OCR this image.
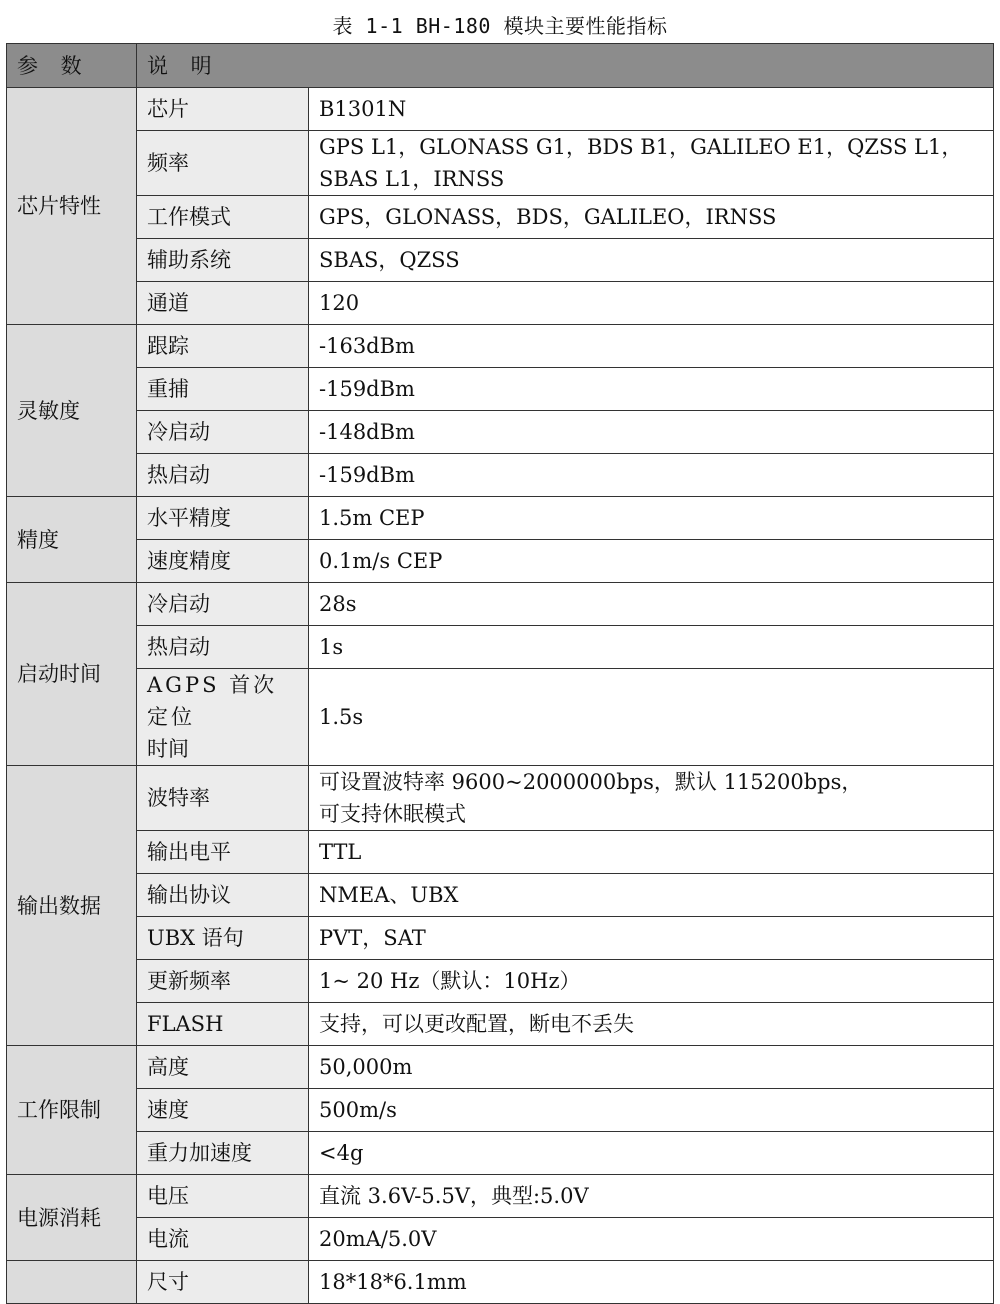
表 1-1 BH-180 模块主要性能指标
参 数	说 明	
芯片特性	芯片	B1301N
	频率	GPS L1，GLONASS G1，BDS B1，GALILEO E1，QZSS L1，
SBAS L1，IRNSS

	工作模式	GPS，GLONASS，BDS，GALILEO，IRNSS
	辅助系统	SBAS，QZSS
	通道	120
灵敏度	跟踪	-163dBm
	重捕	-159dBm
	冷启动	-148dBm
	热启动	-159dBm
精度	水平精度	1.5m CEP
	速度精度	0.1m/s CEP
启动时间	冷启动	28s
	热启动	1s

	AGPS 首次定位
时间	1.5s
输出数据	波特率	可设置波特率 9600~2000000bps，默认 115200bps，
可支持休眠模式

	输出电平	TTL
	输出协议	NMEA、UBX
	UBX 语句	PVT，SAT
	更新频率	1~ 20 Hz（默认：10Hz）
	FLASH	支持，可以更改配置，断电不丢失
工作限制	高度	50,000m
	速度	500m/s
	重力加速度	<4g
电源消耗	电压	直流 3.6V-5.5V，典型:5.0V
	电流	20mA/5.0V
	尺寸	18*18*6.1mm
